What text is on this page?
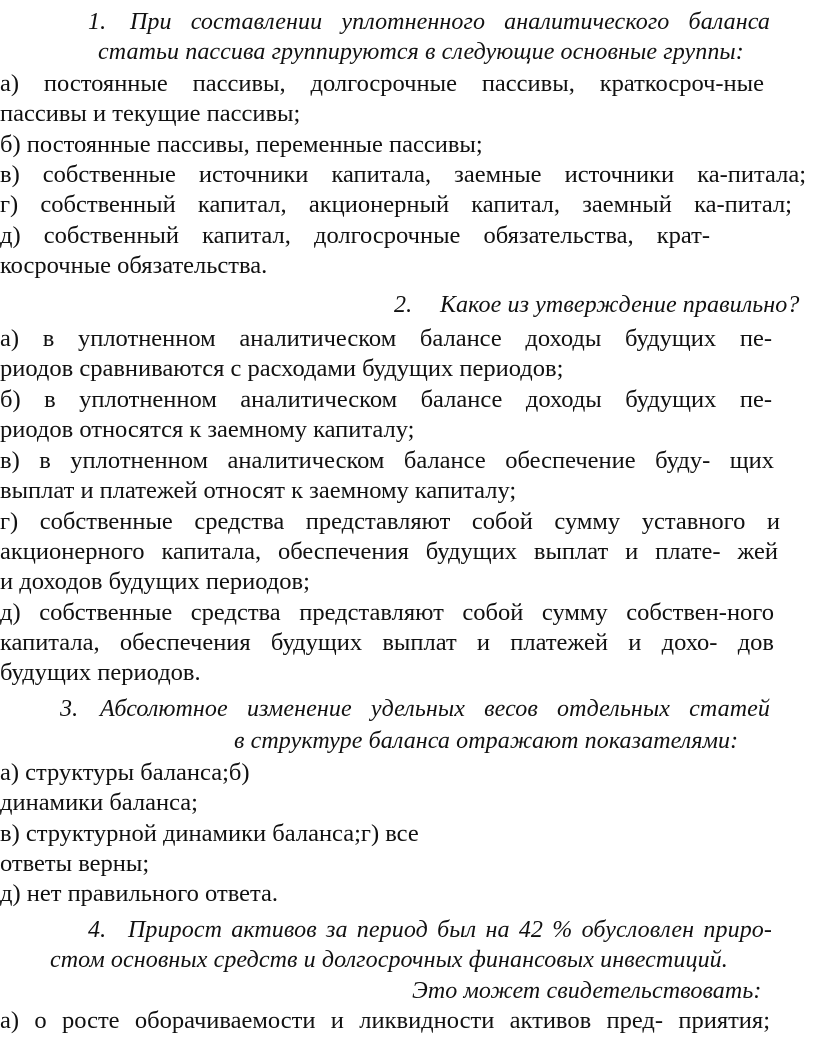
1. При составлении уплотненного аналитического баланса

статьи пассива группируются в следующие основные группы:

а) постоянные пассивы, долгосрочные пассивы, краткосроч-ные

пассивы и текущие пассивы;

б) постоянные пассивы, переменные пассивы;

в) собственные источники капитала, заемные источники ка-питала;

г) собственный капитал, акционерный капитал, заемный ка-питал;

д) собственный капитал, долгосрочные обязательства, крат-

косрочные обязательства.

2. Какое из утверждение правильно?

а) в уплотненном аналитическом балансе доходы будущих пе-

риодов сравниваются с расходами будущих периодов;

б) в уплотненном аналитическом балансе доходы будущих пе-

риодов относятся к заемному капиталу;

в) в уплотненном аналитическом балансе обеспечение буду- щих

выплат и платежей относят к заемному капиталу;

г) собственные средства представляют собой сумму уставного и

акционерного капитала, обеспечения будущих выплат и плате- жей

и доходов будущих периодов;

д) собственные средства представляют собой сумму собствен-ного

капитала, обеспечения будущих выплат и платежей и дохо- дов

будущих периодов.

3. Абсолютное изменение удельных весов отдельных статей

в структуре баланса отражают показателями:

а) структуры баланса;б)

динамики баланса;

в) структурной динамики баланса;г) все

ответы верны;

д) нет правильного ответа.

4. Прирост активов за период был на 42 % обусловлен приро-

стом основных средств и долгосрочных финансовых инвестиций.

Это может свидетельствовать:

а) о росте оборачиваемости и ликвидности активов пред- приятия;
